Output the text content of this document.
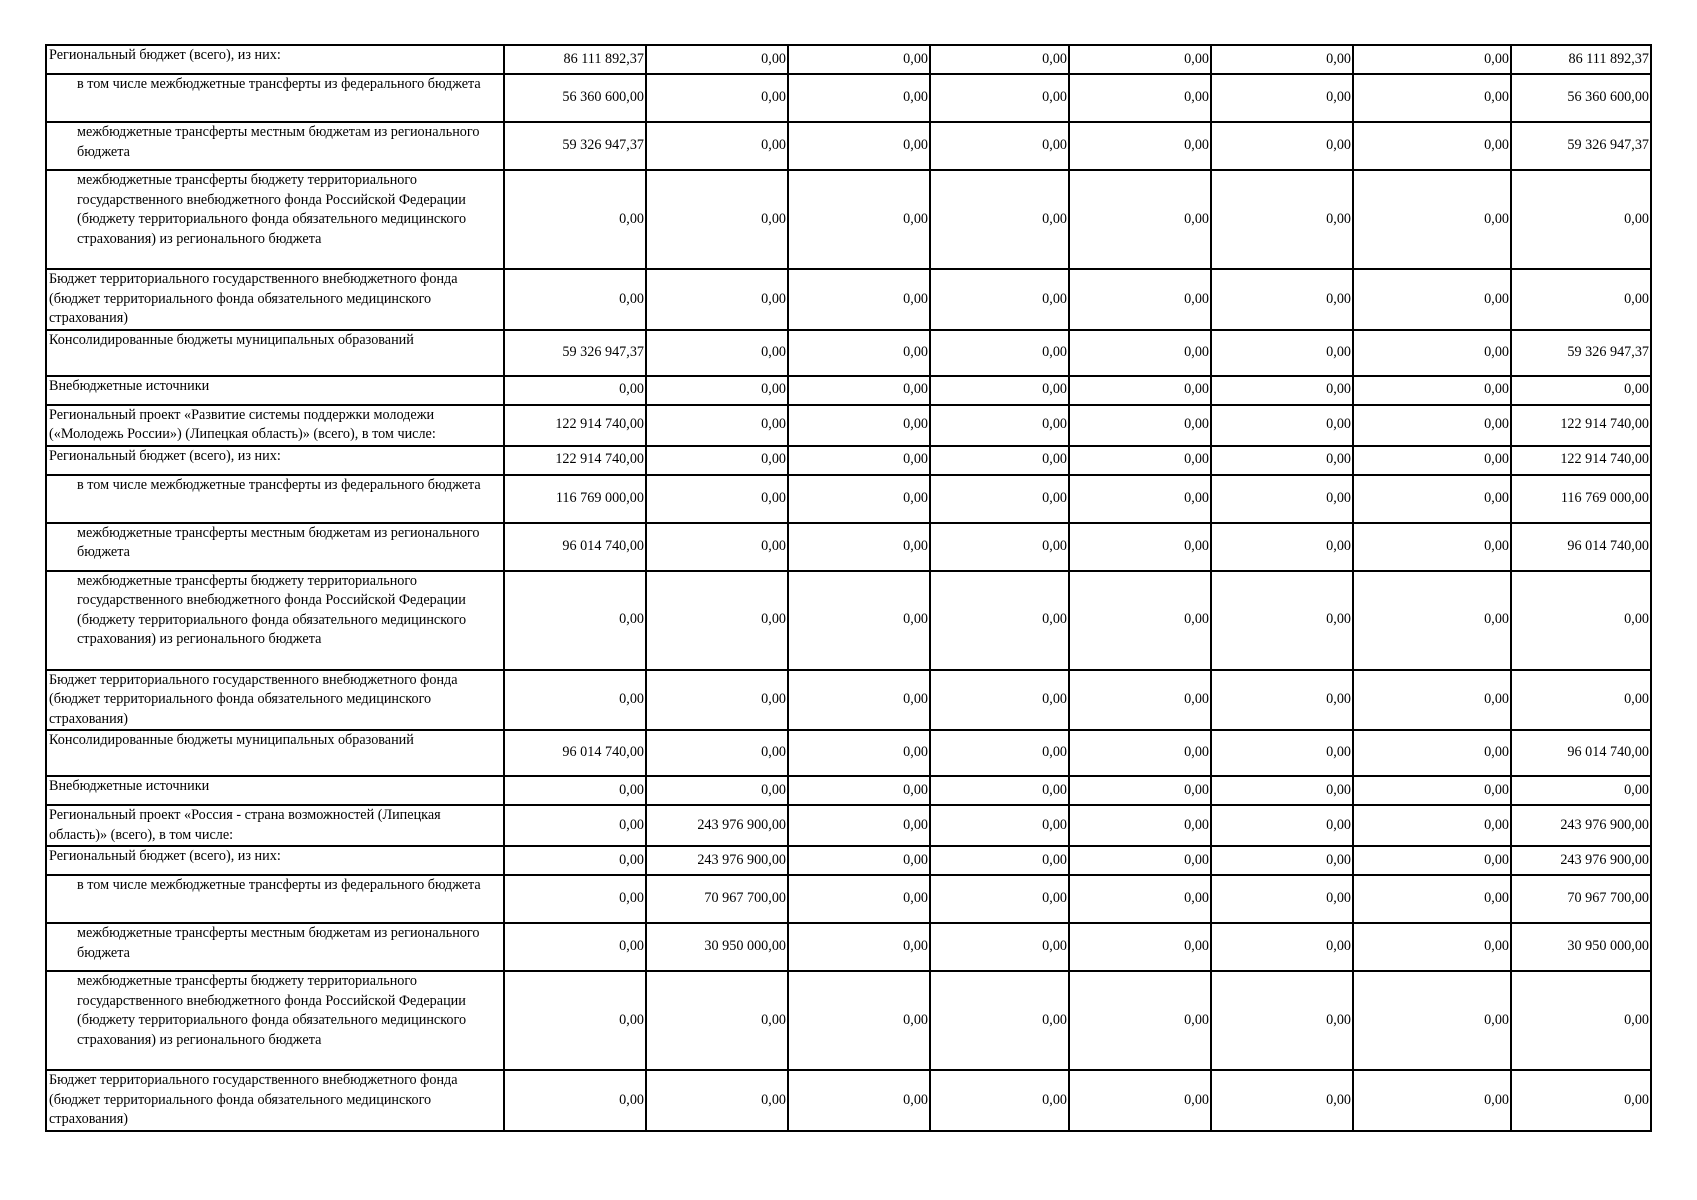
Региональный бюджет (всего), из них:	86 111 892,37	0,00	0,00	0,00	0,00	0,00	0,00	86 111 892,37
в том числе межбюджетные трансферты из федерального бюджета	56 360 600,00	0,00	0,00	0,00	0,00	0,00	0,00	56 360 600,00
межбюджетные трансферты местным бюджетам из регионального бюджета	59 326 947,37	0,00	0,00	0,00	0,00	0,00	0,00	59 326 947,37
межбюджетные трансферты бюджету территориального государственного внебюджетного фонда Российской Федерации (бюджету территориального фонда обязательного медицинского страхования) из регионального бюджета	0,00	0,00	0,00	0,00	0,00	0,00	0,00	0,00
Бюджет территориального государственного внебюджетного фонда (бюджет территориального фонда обязательного медицинского страхования)	0,00	0,00	0,00	0,00	0,00	0,00	0,00	0,00
Консолидированные бюджеты муниципальных образований	59 326 947,37	0,00	0,00	0,00	0,00	0,00	0,00	59 326 947,37
Внебюджетные источники	0,00	0,00	0,00	0,00	0,00	0,00	0,00	0,00
Региональный проект «Развитие системы поддержки молодежи («Молодежь России») (Липецкая область)» (всего), в том числе:	122 914 740,00	0,00	0,00	0,00	0,00	0,00	0,00	122 914 740,00
Региональный бюджет (всего), из них:	122 914 740,00	0,00	0,00	0,00	0,00	0,00	0,00	122 914 740,00
в том числе межбюджетные трансферты из федерального бюджета	116 769 000,00	0,00	0,00	0,00	0,00	0,00	0,00	116 769 000,00
межбюджетные трансферты местным бюджетам из регионального бюджета	96 014 740,00	0,00	0,00	0,00	0,00	0,00	0,00	96 014 740,00
межбюджетные трансферты бюджету территориального государственного внебюджетного фонда Российской Федерации (бюджету территориального фонда обязательного медицинского страхования) из регионального бюджета	0,00	0,00	0,00	0,00	0,00	0,00	0,00	0,00
Бюджет территориального государственного внебюджетного фонда (бюджет территориального фонда обязательного медицинского страхования)	0,00	0,00	0,00	0,00	0,00	0,00	0,00	0,00
Консолидированные бюджеты муниципальных образований	96 014 740,00	0,00	0,00	0,00	0,00	0,00	0,00	96 014 740,00
Внебюджетные источники	0,00	0,00	0,00	0,00	0,00	0,00	0,00	0,00
Региональный проект «Россия - страна возможностей (Липецкая область)» (всего), в том числе:	0,00	243 976 900,00	0,00	0,00	0,00	0,00	0,00	243 976 900,00
Региональный бюджет (всего), из них:	0,00	243 976 900,00	0,00	0,00	0,00	0,00	0,00	243 976 900,00
в том числе межбюджетные трансферты из федерального бюджета	0,00	70 967 700,00	0,00	0,00	0,00	0,00	0,00	70 967 700,00
межбюджетные трансферты местным бюджетам из регионального бюджета	0,00	30 950 000,00	0,00	0,00	0,00	0,00	0,00	30 950 000,00
межбюджетные трансферты бюджету территориального государственного внебюджетного фонда Российской Федерации (бюджету территориального фонда обязательного медицинского страхования) из регионального бюджета	0,00	0,00	0,00	0,00	0,00	0,00	0,00	0,00
Бюджет территориального государственного внебюджетного фонда (бюджет территориального фонда обязательного медицинского страхования)	0,00	0,00	0,00	0,00	0,00	0,00	0,00	0,00
